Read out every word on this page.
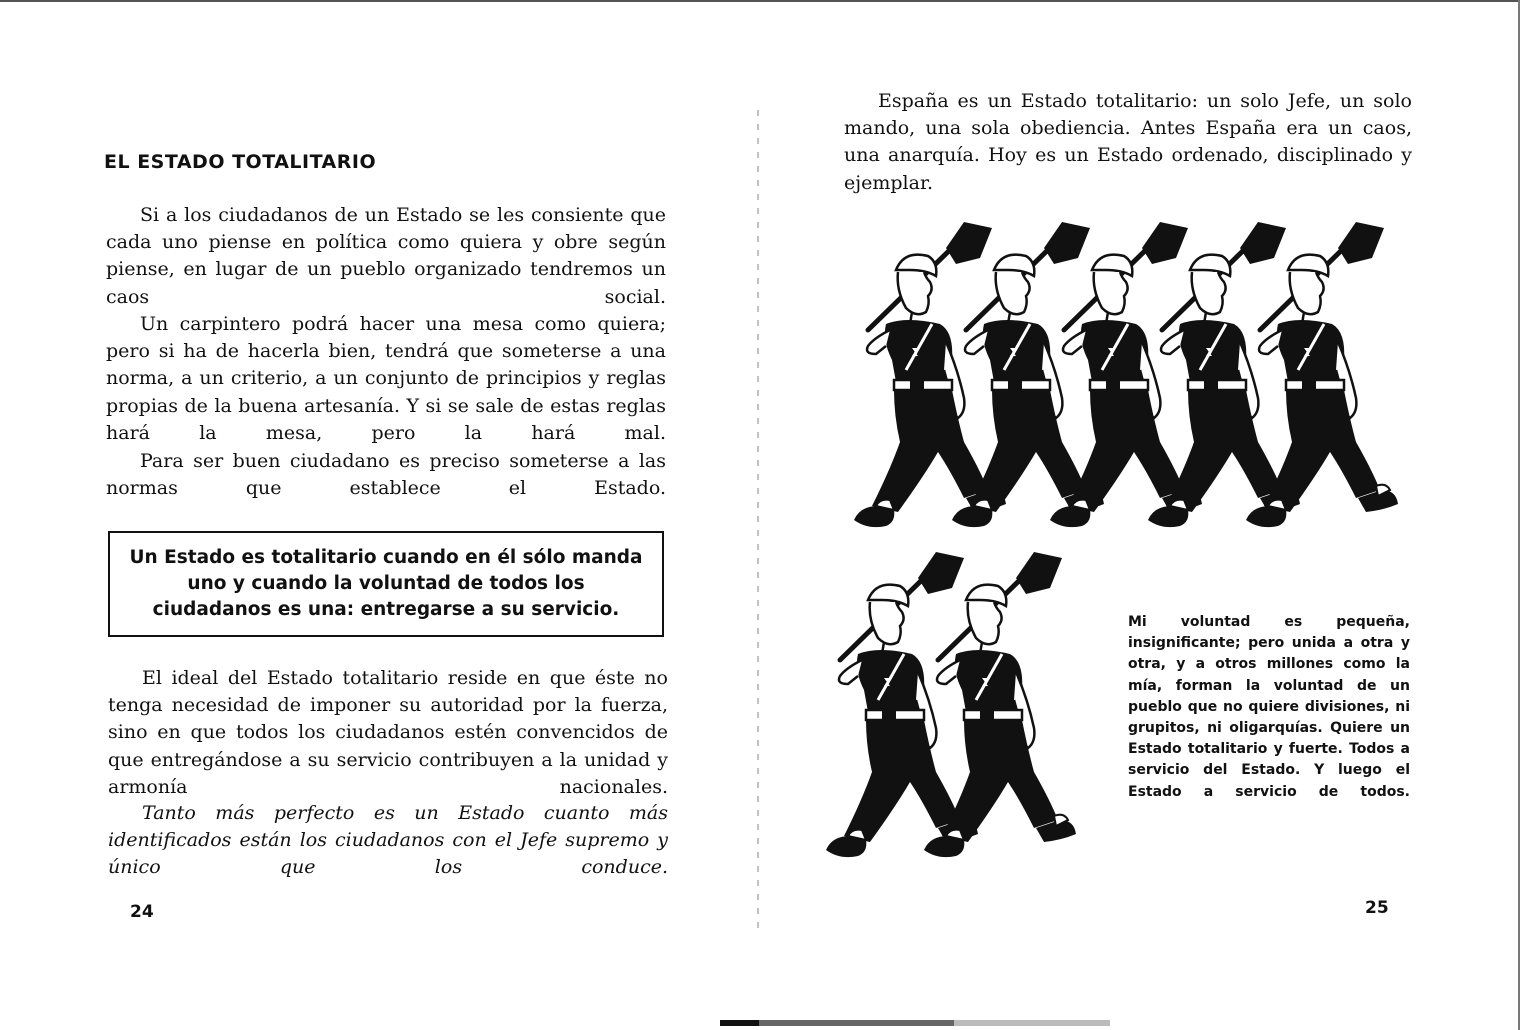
EL ESTADO TOTALITARIO

Si a los ciudadanos de un Estado se les consiente que cada uno piense en política como quiera y obre según piense, en lugar de un pueblo organizado tendremos un caos social.

Un carpintero podrá hacer una mesa como quiera; pero si ha de hacerla bien, tendrá que someterse a una norma, a un criterio, a un conjunto de principios y reglas propias de la buena artesanía. Y si se sale de estas reglas hará la mesa, pero la hará mal.

Para ser buen ciudadano es preciso someterse a las normas que establece el Estado.

Un Estado es totalitario cuando en él sólo manda uno y cuando la voluntad de todos los ciudadanos es una: entregarse a su servicio.

El ideal del Estado totalitario reside en que éste no tenga necesidad de imponer su autoridad por la fuerza, sino en que todos los ciudadanos estén convencidos de que entregándose a su servicio contribuyen a la unidad y armonía nacionales.

Tanto más perfecto es un Estado cuanto más identificados están los ciudadanos con el Jefe supremo y único que los conduce.

24

España es un Estado totalitario: un solo Jefe, un solo mando, una sola obediencia. Antes España era un caos, una anarquía. Hoy es un Estado ordenado, disciplinado y ejemplar.

Mi voluntad es pequeña, insignificante; pero unida a otra y otra, y a otros millones como la mía, forman la voluntad de un pueblo que no quiere divisiones, ni grupitos, ni oligarquías. Quiere un Estado totalitario y fuerte. Todos a servicio del Estado. Y luego el Estado a servicio de todos.

25
